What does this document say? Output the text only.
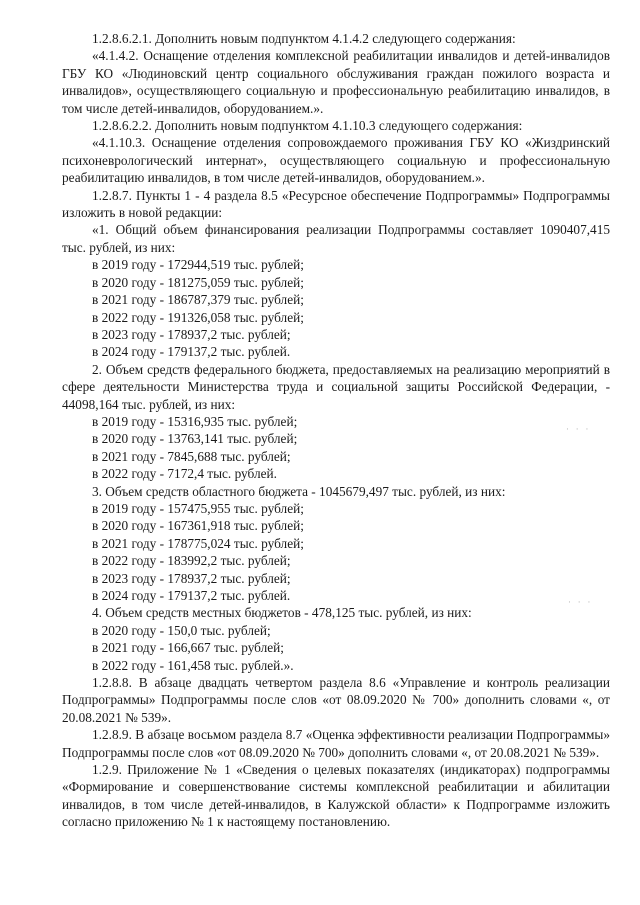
1.2.8.6.2.1. Дополнить новым подпунктом 4.1.4.2 следующего содержания:

«4.1.4.2. Оснащение отделения комплексной реабилитации инвалидов и детей-инвалидов ГБУ КО «Людиновский центр социального обслуживания граждан пожилого возраста и инвалидов», осуществляющего социальную и профессиональную реабилитацию инвалидов, в том числе детей-инвалидов, оборудованием.».

1.2.8.6.2.2. Дополнить новым подпунктом 4.1.10.3 следующего содержания:

«4.1.10.3. Оснащение отделения сопровождаемого проживания ГБУ КО «Жиздринский психоневрологический интернат», осуществляющего социальную и профессиональную реабилитацию инвалидов, в том числе детей-инвалидов, оборудованием.».

1.2.8.7. Пункты 1 - 4 раздела 8.5 «Ресурсное обеспечение Подпрограммы» Подпрограммы изложить в новой редакции:

«1. Общий объем финансирования реализации Подпрограммы составляет 1090407,415 тыс. рублей, из них:

в 2019 году - 172944,519 тыс. рублей;

в 2020 году - 181275,059 тыс. рублей;

в 2021 году - 186787,379 тыс. рублей;

в 2022 году - 191326,058 тыс. рублей;

в 2023 году - 178937,2 тыс. рублей;

в 2024 году - 179137,2 тыс. рублей.

2. Объем средств федерального бюджета, предоставляемых на реализацию мероприятий в сфере деятельности Министерства труда и социальной защиты Российской Федерации, - 44098,164 тыс. рублей, из них:

в 2019 году - 15316,935 тыс. рублей;

в 2020 году - 13763,141 тыс. рублей;

в 2021 году - 7845,688 тыс. рублей;

в 2022 году - 7172,4 тыс. рублей.

3. Объем средств областного бюджета - 1045679,497 тыс. рублей, из них:

в 2019 году - 157475,955 тыс. рублей;

в 2020 году - 167361,918 тыс. рублей;

в 2021 году - 178775,024 тыс. рублей;

в 2022 году - 183992,2 тыс. рублей;

в 2023 году - 178937,2 тыс. рублей;

в 2024 году - 179137,2 тыс. рублей.

4. Объем средств местных бюджетов - 478,125 тыс. рублей, из них:

в 2020 году - 150,0 тыс. рублей;

в 2021 году - 166,667 тыс. рублей;

в 2022 году - 161,458 тыс. рублей.».

1.2.8.8. В абзаце двадцать четвертом раздела 8.6 «Управление и контроль реализации Подпрограммы» Подпрограммы после слов «от 08.09.2020 № 700» дополнить словами «, от 20.08.2021 № 539».

1.2.8.9. В абзаце восьмом раздела 8.7 «Оценка эффективности реализации Подпрограммы» Подпрограммы после слов «от 08.09.2020 № 700» дополнить словами «, от 20.08.2021 № 539».

1.2.9. Приложение № 1 «Сведения о целевых показателях (индикаторах) подпрограммы «Формирование и совершенствование системы комплексной реабилитации и абилитации инвалидов, в том числе детей-инвалидов, в Калужской области» к Подпрограмме изложить согласно приложению № 1 к настоящему постановлению.

· · ·
· · ·
